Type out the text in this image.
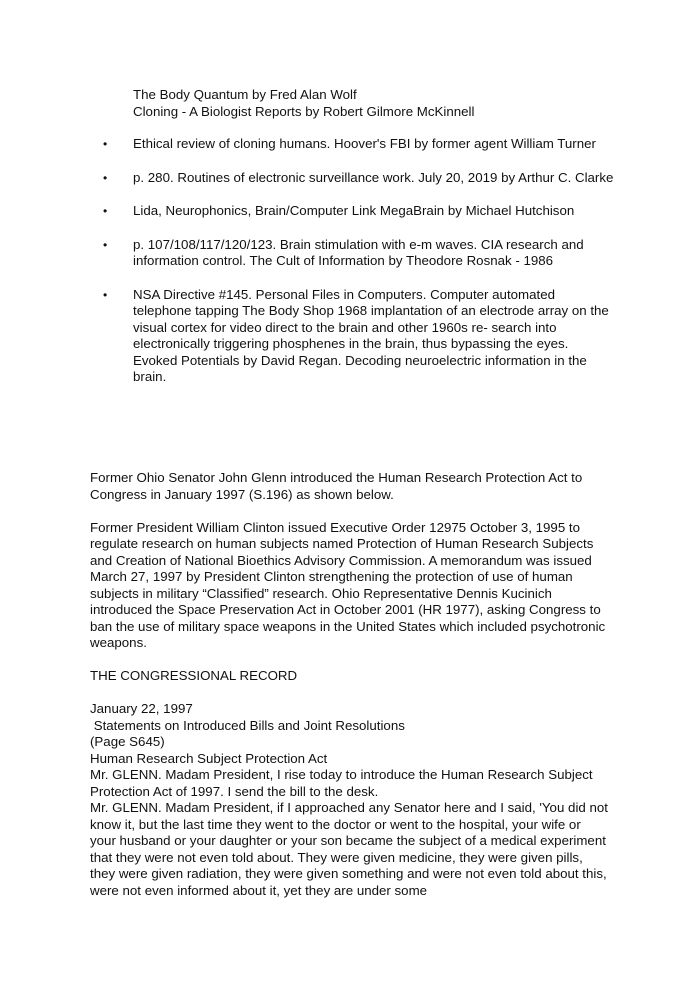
The Body Quantum by Fred Alan Wolf
Cloning - A Biologist Reports by Robert Gilmore McKinnell
• Ethical review of cloning humans. Hoover's FBI by former agent William Turner
• p. 280. Routines of electronic surveillance work. July 20, 2019 by Arthur C. Clarke
• Lida, Neurophonics, Brain/Computer Link MegaBrain by Michael Hutchison
• p. 107/108/117/120/123. Brain stimulation with e-m waves. CIA research and information control. The Cult of Information by Theodore Rosnak - 1986
• NSA Directive #145. Personal Files in Computers. Computer automated telephone tapping The Body Shop 1968 implantation of an electrode array on the visual cortex for video direct to the brain and other 1960s re- search into electronically triggering phosphenes in the brain, thus bypassing the eyes. Evoked Potentials by David Regan. Decoding neuroelectric information in the brain.

Former Ohio Senator John Glenn introduced the Human Research Protection Act to Congress in January 1997 (S.196) as shown below.

Former President William Clinton issued Executive Order 12975 October 3, 1995 to regulate research on human subjects named Protection of Human Research Subjects and Creation of National Bioethics Advisory Commission. A memorandum was issued March 27, 1997 by President Clinton strengthening the protection of use of human subjects in military “Classified” research. Ohio Representative Dennis Kucinich introduced the Space Preservation Act in October 2001 (HR 1977), asking Congress to ban the use of military space weapons in the United States which included psychotronic weapons.

THE CONGRESSIONAL RECORD

January 22, 1997
Statements on Introduced Bills and Joint Resolutions
(Page S645)
Human Research Subject Protection Act
Mr. GLENN. Madam President, I rise today to introduce the Human Research Subject Protection Act of 1997. I send the bill to the desk.
Mr. GLENN. Madam President, if I approached any Senator here and I said, 'You did not know it, but the last time they went to the doctor or went to the hospital, your wife or your husband or your daughter or your son became the subject of a medical experiment that they were not even told about. They were given medicine, they were given pills, they were given radiation, they were given something and were not even told about this, were not even informed about it, yet they are under some
